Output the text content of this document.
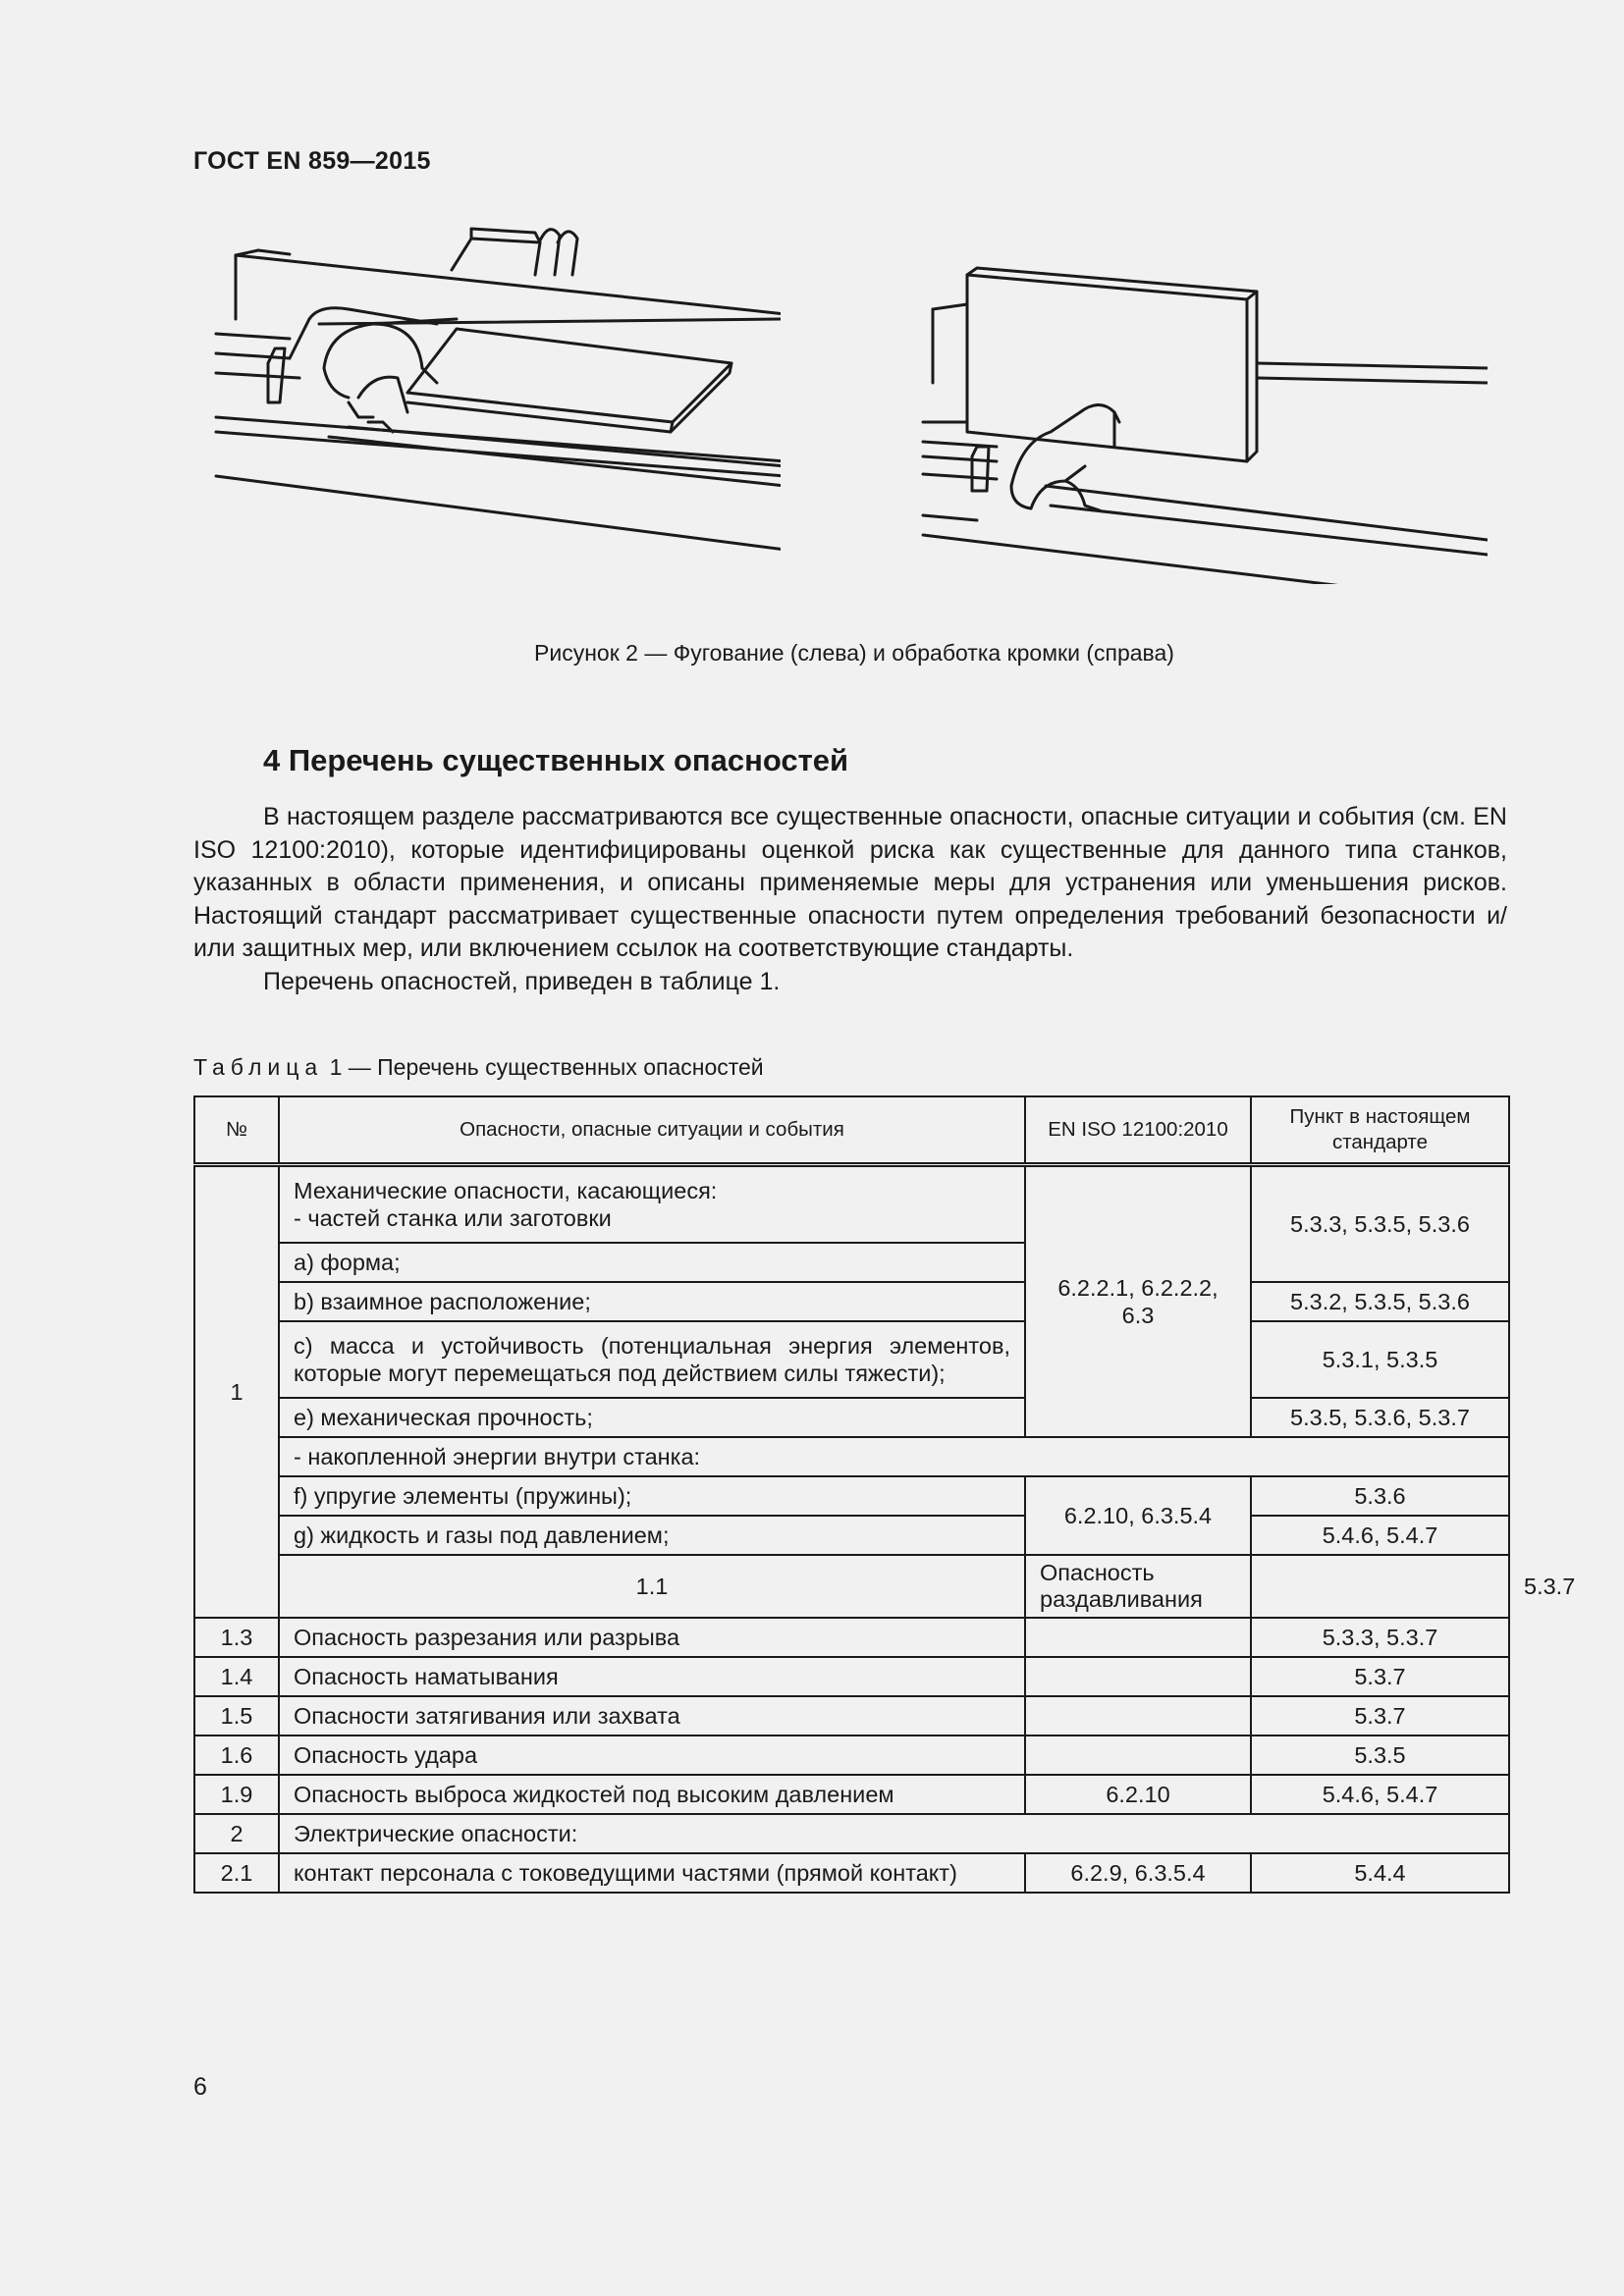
ГОСТ EN 859—2015
Рисунок 2 — Фугование (слева) и обработка кромки (справа)
4 Перечень существенных опасностей

В настоящем разделе рассматриваются все существенные опасности, опасные ситуации и события (см. EN ISO 12100:2010), которые идентифицированы оценкой риска как существенные для данного типа станков, указанных в области применения, и описаны применяемые меры для устранения или уменьшения рисков. Настоящий стандарт рассматривает существенные опасности путем определения требований безопасности и/или защитных мер, или включением ссылок на соответствующие стандарты.

Перечень опасностей, приведен в таблице 1.

Таблица 1 — Перечень существенных опасностей
№	Опасности, опасные ситуации и события	EN ISO 12100:2010	Пункт в настоящем стандарте	
1	Механические опасности, касающиеся:
- частей станка или заготовки	6.2.2.1, 6.2.2.2, 6.3	5.3.3, 5.3.5, 5.3.6	
	a) форма;			
	b) взаимное расположение;		5.3.2, 5.3.5, 5.3.6	
	c) масса и устойчивость (потенциальная энергия элементов, которые могут перемещаться под действием силы тяжести);		5.3.1, 5.3.5	
	e) механическая прочность;		5.3.5, 5.3.6, 5.3.7	
	- накопленной энергии внутри станка:			
	f) упругие элементы (пружины);	6.2.10, 6.3.5.4	5.3.6	
	g) жидкость и газы под давлением;		5.4.6, 5.4.7	
	1.1	Опасность раздавливания		5.3.7
1.3	Опасность разрезания или разрыва		5.3.3, 5.3.7	
1.4	Опасность наматывания		5.3.7	
1.5	Опасности затягивания или захвата		5.3.7	
1.6	Опасность удара		5.3.5	
1.9	Опасность выброса жидкостей под высоким давлением	6.2.10	5.4.6, 5.4.7	
2	Электрические опасности:			
2.1	контакт персонала с токоведущими частями (прямой контакт)	6.2.9, 6.3.5.4	5.4.4	
6
